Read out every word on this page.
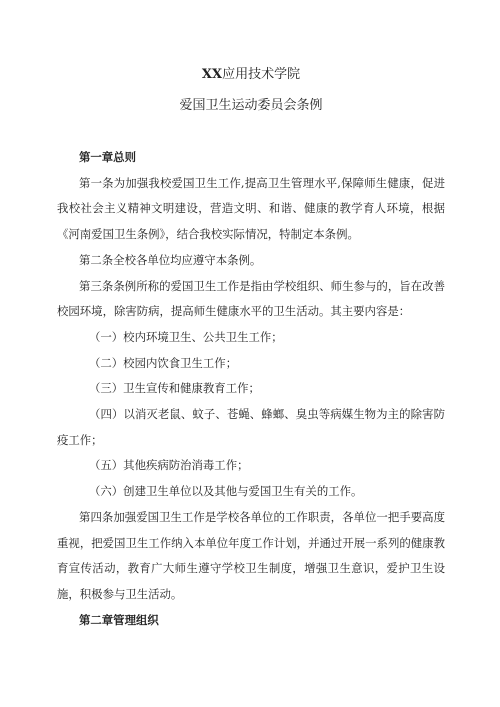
XX应用技术学院
爱国卫生运动委员会条例

第一章总则

第一条为加强我校爱国卫生工作,提高卫生管理水平,保障师生健康，促进我校社会主义精神文明建设，营造文明、和谐、健康的教学育人环境，根据《河南爱国卫生条例》，结合我校实际情况，特制定本条例。

第二条全校各单位均应遵守本条例。

第三条条例所称的爱国卫生工作是指由学校组织、师生参与的，旨在改善校园环境，除害防病，提高师生健康水平的卫生活动。其主要内容是：

（一）校内环境卫生、公共卫生工作；

（二）校园内饮食卫生工作；

（三）卫生宣传和健康教育工作；

（四）以消灭老鼠、蚊子、苍蝇、蜂螂、臭虫等病媒生物为主的除害防疫工作；

（五）其他疾病防治消毒工作；

（六）创建卫生单位以及其他与爱国卫生有关的工作。

第四条加强爱国卫生工作是学校各单位的工作职责，各单位一把手要高度重视，把爱国卫生工作纳入本单位年度工作计划，并通过开展一系列的健康教育宣传活动，教育广大师生遵守学校卫生制度，增强卫生意识，爱护卫生设施，积极参与卫生活动。

第二章管理组织
